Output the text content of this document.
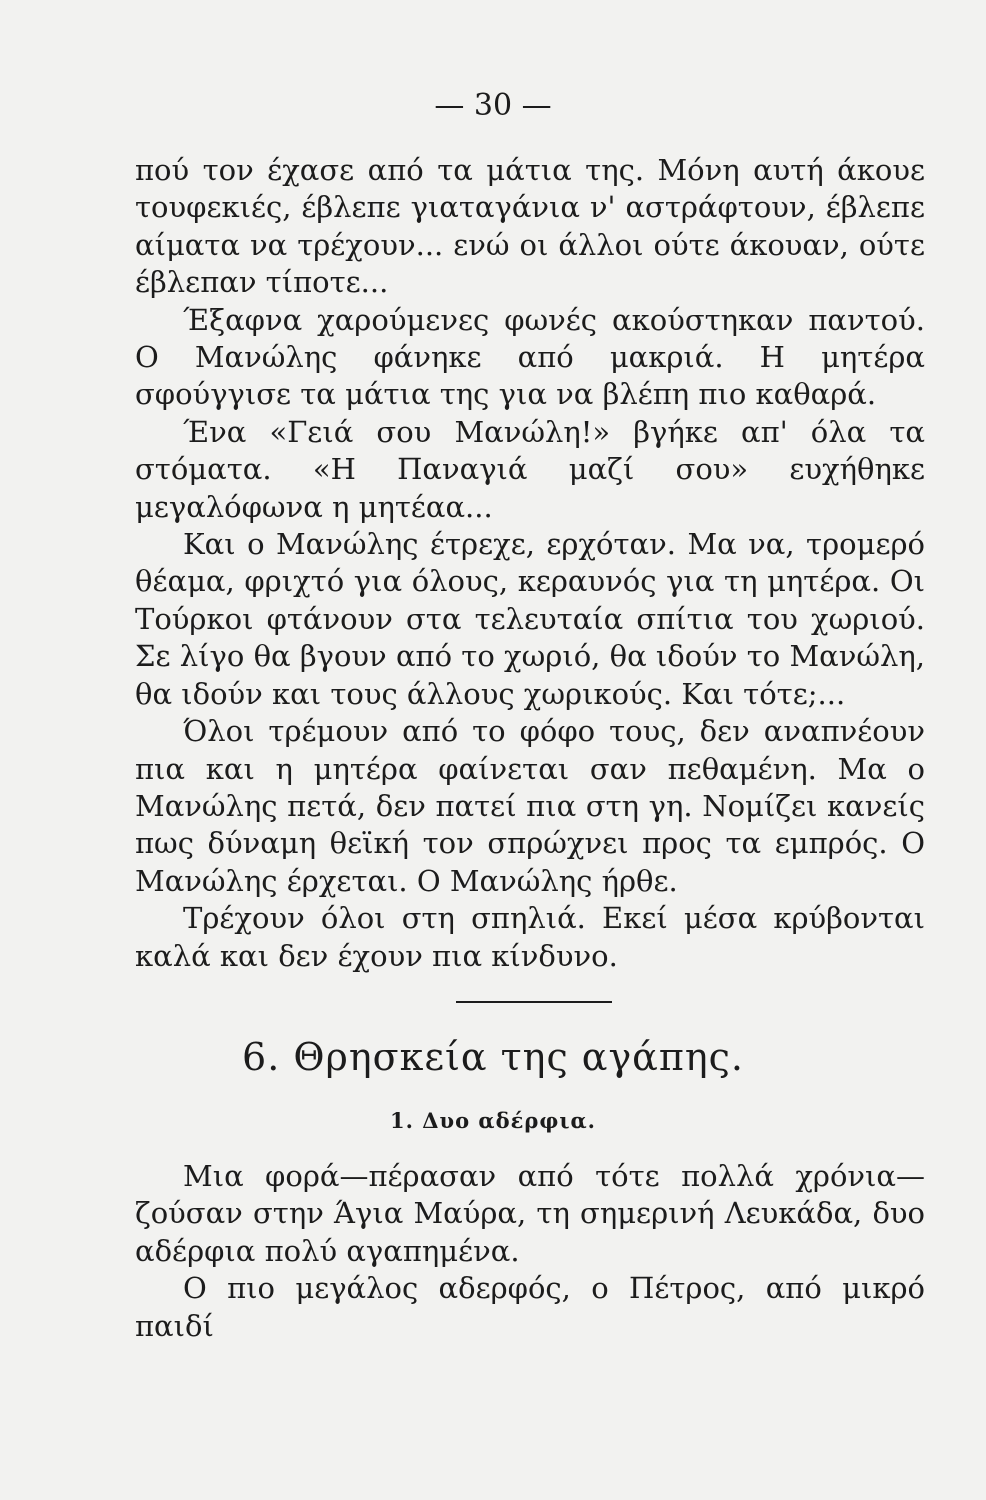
— 30 —

πού τον έχασε από τα μάτια της. Μόνη αυτή άκουε τουφεκιές, έβλεπε γιαταγάνια ν' αστράφτουν, έβλεπε αίματα να τρέχουν... ενώ οι άλλοι ούτε άκουαν, ούτε έβλεπαν τίποτε...

Έξαφνα χαρούμενες φωνές ακούστηκαν παντού. Ο Μανώλης φάνηκε από μακριά. Η μητέρα σφούγγισε τα μάτια της για να βλέπη πιο καθαρά.

Ένα «Γειά σου Μανώλη!» βγήκε απ' όλα τα στόματα. «Η Παναγιά μαζί σου» ευχήθηκε μεγαλόφωνα η μητέαα...

Και ο Μανώλης έτρεχε, ερχόταν. Μα να, τρομερό θέαμα, φριχτό για όλους, κεραυνός για τη μητέρα. Οι Τούρκοι φτάνουν στα τελευταία σπίτια του χωριού. Σε λίγο θα βγουν από το χωριό, θα ιδούν το Μανώλη, θα ιδούν και τους άλλους χωρικούς. Και τότε;...

Όλοι τρέμουν από το φόφο τους, δεν αναπνέουν πια και η μητέρα φαίνεται σαν πεθαμένη. Μα ο Μανώλης πετά, δεν πατεί πια στη γη. Νομίζει κανείς πως δύναμη θεϊκή τον σπρώχνει προς τα εμπρός. Ο Μανώλης έρχεται. Ο Μανώλης ήρθε.

Τρέχουν όλοι στη σπηλιά. Εκεί μέσα κρύβονται καλά και δεν έχουν πια κίνδυνο.

6. Θρησκεία της αγάπης.
1. Δυο αδέρφια.

Μια φορά—πέρασαν από τότε πολλά χρόνια—ζούσαν στην Άγια Μαύρα, τη σημερινή Λευκάδα, δυο αδέρφια πολύ αγαπημένα.

Ο πιο μεγάλος αδερφός, ο Πέτρος, από μικρό παιδί
